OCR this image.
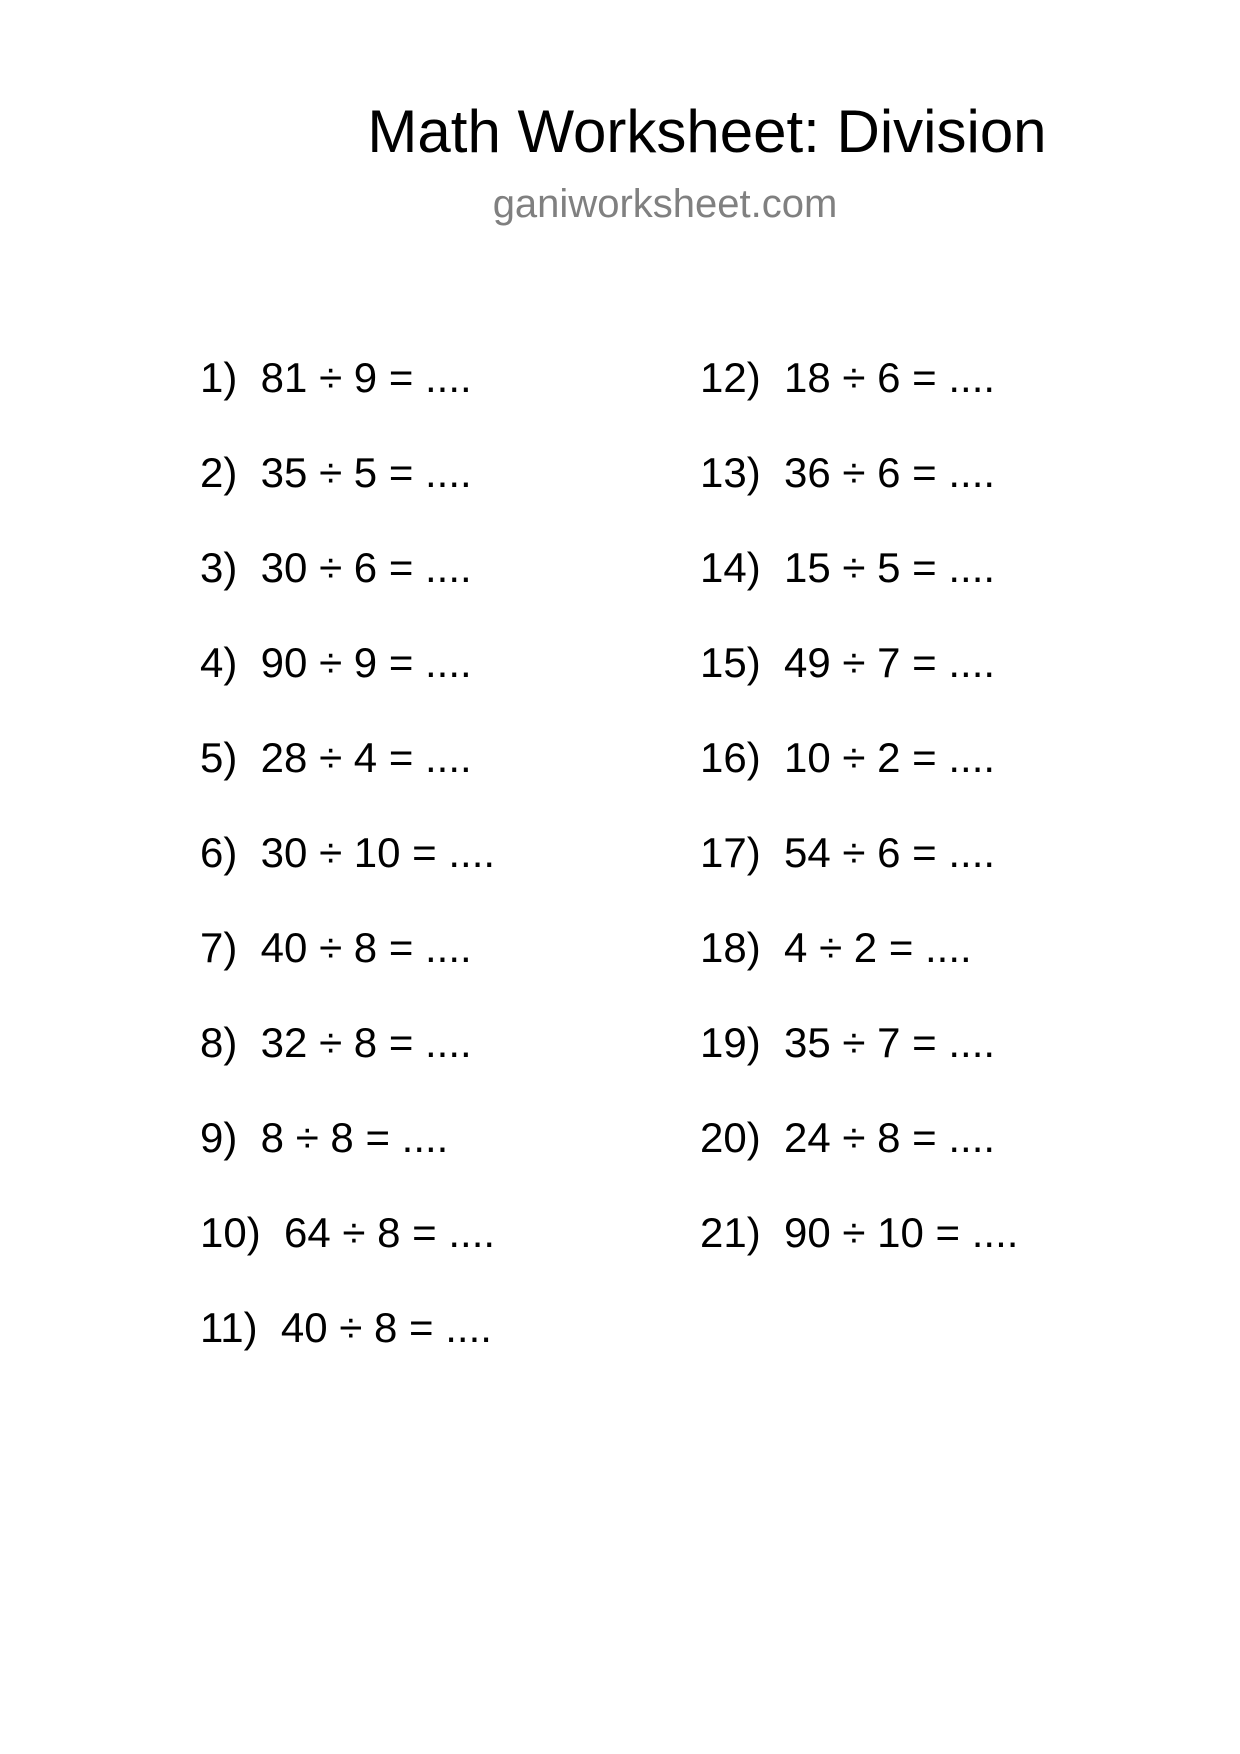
Math Worksheet: Division
ganiworksheet.com
1)  81 ÷ 9 = ....
2)  35 ÷ 5 = ....
3)  30 ÷ 6 = ....
4)  90 ÷ 9 = ....
5)  28 ÷ 4 = ....
6)  30 ÷ 10 = ....
7)  40 ÷ 8 = ....
8)  32 ÷ 8 = ....
9)  8 ÷ 8 = ....
10)  64 ÷ 8 = ....
11)  40 ÷ 8 = ....
12)  18 ÷ 6 = ....
13)  36 ÷ 6 = ....
14)  15 ÷ 5 = ....
15)  49 ÷ 7 = ....
16)  10 ÷ 2 = ....
17)  54 ÷ 6 = ....
18)  4 ÷ 2 = ....
19)  35 ÷ 7 = ....
20)  24 ÷ 8 = ....
21)  90 ÷ 10 = ....
